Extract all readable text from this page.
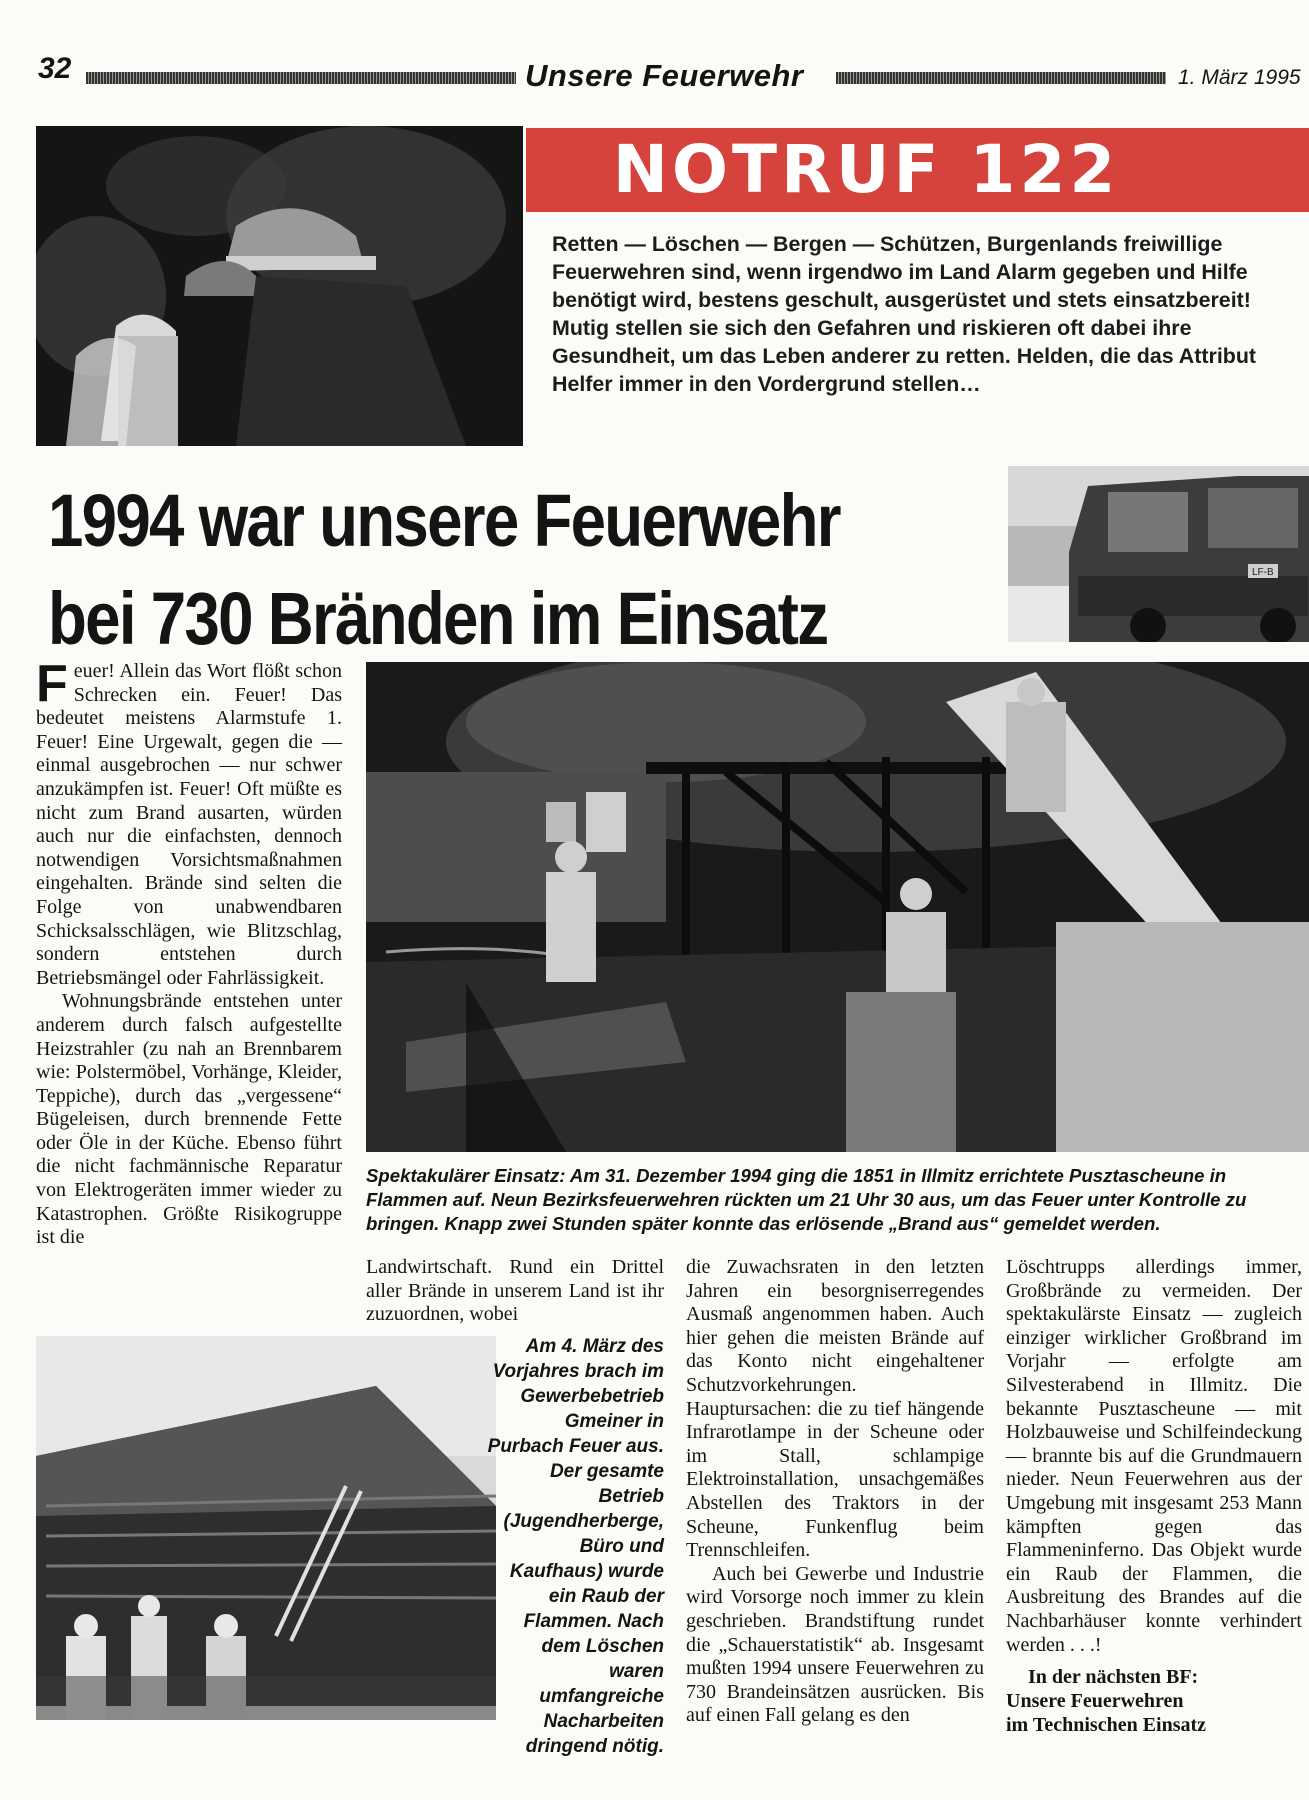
32	Unsere Feuerwehr	1. März 1995
NOTRUF 122
Retten — Löschen — Bergen — Schützen, Burgenlands freiwillige Feuerwehren sind, wenn irgendwo im Land Alarm gegeben und Hilfe benötigt wird, bestens geschult, ausgerüstet und stets einsatzbereit! Mutig stellen sie sich den Gefahren und riskieren oft dabei ihre Gesundheit, um das Leben anderer zu retten. Helden, die das Attribut Helfer immer in den Vordergrund stellen…
1994 war unsere Feuerwehr
bei 730 Bränden im Einsatz
LF-B
Spektakulärer Einsatz: Am 31. Dezember 1994 ging die 1851 in Illmitz errichtete Pusztascheune in Flammen auf. Neun Bezirksfeuerwehren rückten um 21 Uhr 30 aus, um das Feuer unter Kontrolle zu bringen. Knapp zwei Stunden später konnte das erlösende „Brand aus“ gemeldet werden.

Feuer! Allein das Wort flößt schon Schrecken ein. Feuer! Das bedeutet meistens Alarmstufe 1. Feuer! Eine Urgewalt, gegen die — einmal ausgebrochen — nur schwer anzukämpfen ist. Feuer! Oft müßte es nicht zum Brand ausarten, würden auch nur die einfachsten, dennoch notwendigen Vorsichtsmaßnahmen eingehalten. Brände sind selten die Folge von unabwendbaren Schicksalsschlägen, wie Blitzschlag, sondern entstehen durch Betriebsmängel oder Fahrlässigkeit.

Wohnungsbrände entstehen unter anderem durch falsch aufgestellte Heizstrahler (zu nah an Brennbarem wie: Polstermöbel, Vorhänge, Kleider, Teppiche), durch das „vergessene“ Bügeleisen, durch brennende Fette oder Öle in der Küche. Ebenso führt die nicht fachmännische Reparatur von Elektrogeräten immer wieder zu Katastrophen. Größte Risikogruppe ist die

Am 4. März des Vorjahres brach im Gewerbebetrieb Gmeiner in Purbach Feuer aus. Der gesamte Betrieb (Jugendherberge, Büro und Kaufhaus) wurde ein Raub der Flammen. Nach dem Löschen waren umfangreiche Nacharbeiten dringend nötig.

Landwirtschaft. Rund ein Drittel aller Brände in unserem Land ist ihr zuzuordnen, wobei

die Zuwachsraten in den letzten Jahren ein besorgniserregendes Ausmaß angenommen haben. Auch hier gehen die meisten Brände auf das Konto nicht eingehaltener Schutzvorkehrungen. Hauptursachen: die zu tief hängende Infrarotlampe in der Scheune oder im Stall, schlampige Elektroinstallation, unsachgemäßes Abstellen des Traktors in der Scheune, Funkenflug beim Trennschleifen.

Auch bei Gewerbe und Industrie wird Vorsorge noch immer zu klein geschrieben. Brandstiftung rundet die „Schauerstatistik“ ab. Insgesamt mußten 1994 unsere Feuerwehren zu 730 Brandeinsätzen ausrücken. Bis auf einen Fall gelang es den

Löschtrupps allerdings immer, Großbrände zu vermeiden. Der spektakulärste Einsatz — zugleich einziger wirklicher Großbrand im Vorjahr — erfolgte am Silvesterabend in Illmitz. Die bekannte Pusztascheune — mit Holzbauweise und Schilfeindeckung — brannte bis auf die Grundmauern nieder. Neun Feuerwehren aus der Umgebung mit insgesamt 253 Mann kämpften gegen das Flammeninferno. Das Objekt wurde ein Raub der Flammen, die Ausbreitung des Brandes auf die Nachbarhäuser konnte verhindert werden . . .!

In der nächsten BF:
Unsere Feuerwehren
im Technischen Einsatz
